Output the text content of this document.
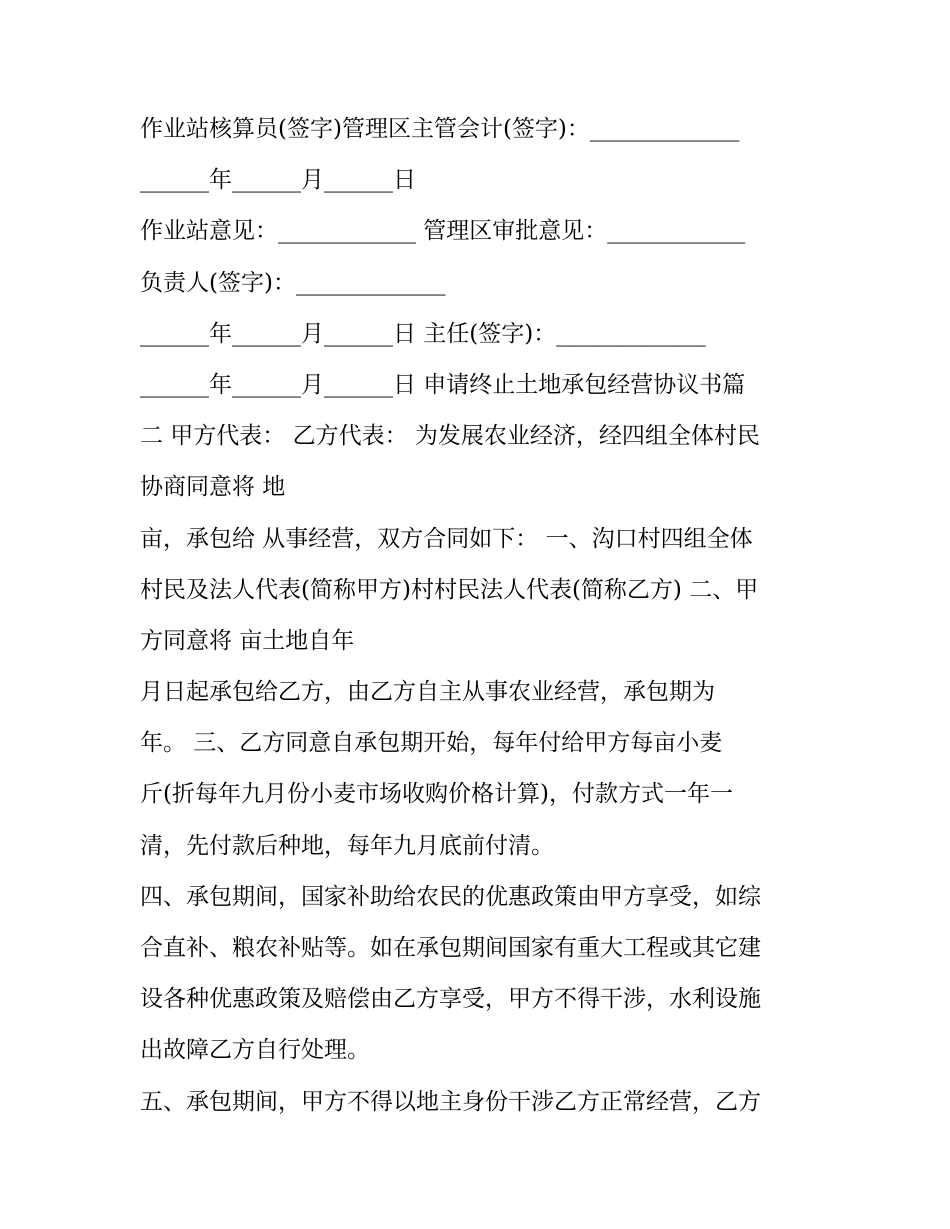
作业站核算员(签字)管理区主管会计(签字)：_____________
______年______月______日
作业站意见：____________ 管理区审批意见：____________
负责人(签字)：_____________
______年______月______日 主任(签字)：_____________
______年______月______日 申请终止土地承包经营协议书篇
二 甲方代表： 乙方代表： 为发展农业经济，经四组全体村民
协商同意将 地
亩，承包给 从事经营，双方合同如下： 一、沟口村四组全体
村民及法人代表(简称甲方)村村民法人代表(简称乙方) 二、甲
方同意将 亩土地自年
月日起承包给乙方，由乙方自主从事农业经营，承包期为
年。 三、乙方同意自承包期开始，每年付给甲方每亩小麦
斤(折每年九月份小麦市场收购价格计算)，付款方式一年一
清，先付款后种地，每年九月底前付清。
四、承包期间，国家补助给农民的优惠政策由甲方享受，如综
合直补、粮农补贴等。如在承包期间国家有重大工程或其它建
设各种优惠政策及赔偿由乙方享受，甲方不得干涉，水利设施
出故障乙方自行处理。
五、承包期间，甲方不得以地主身份干涉乙方正常经营，乙方
